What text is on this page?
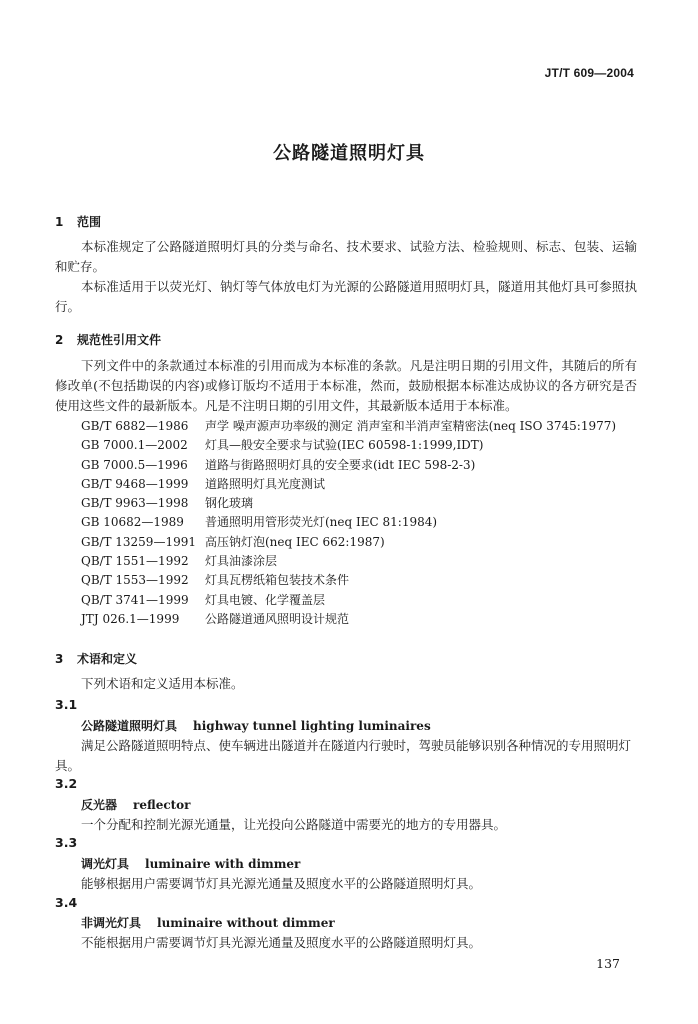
JT/T 609—2004
公路隧道照明灯具
1 范围

本标准规定了公路隧道照明灯具的分类与命名、技术要求、试验方法、检验规则、标志、包装、运输和贮存。

本标准适用于以荧光灯、钠灯等气体放电灯为光源的公路隧道用照明灯具，隧道用其他灯具可参照执行。

2 规范性引用文件

下列文件中的条款通过本标准的引用而成为本标准的条款。凡是注明日期的引用文件，其随后的所有修改单(不包括勘误的内容)或修订版均不适用于本标准，然而，鼓励根据本标准达成协议的各方研究是否使用这些文件的最新版本。凡是不注明日期的引用文件，其最新版本适用于本标准。

GB/T 6882—1986	声学 噪声源声功率级的测定 消声室和半消声室精密法(neq ISO 3745:1977)
GB 7000.1—2002	灯具—般安全要求与试验(IEC 60598-1:1999,IDT)
GB 7000.5—1996	道路与街路照明灯具的安全要求(idt IEC 598-2-3)
GB/T 9468—1999	道路照明灯具光度测试
GB/T 9963—1998	钢化玻璃
GB 10682—1989	普通照明用管形荧光灯(neq IEC 81:1984)
GB/T 13259—1991 高压钠灯泡(neq IEC 662:1987)
QB/T 1551—1992	灯具油漆涂层
QB/T 1553—1992	灯具瓦楞纸箱包装技术条件
QB/T 3741—1999	灯具电镀、化学覆盖层
JTJ 026.1—1999	公路隧道通风照明设计规范
3 术语和定义

下列术语和定义适用本标准。

3.1
公路隧道照明灯具 highway tunnel lighting luminaires

满足公路隧道照明特点、使车辆进出隧道并在隧道内行驶时，驾驶员能够识别各种情况的专用照明灯具。

3.2
反光器 reflector

一个分配和控制光源光通量，让光投向公路隧道中需要光的地方的专用器具。

3.3
调光灯具 luminaire with dimmer

能够根据用户需要调节灯具光源光通量及照度水平的公路隧道照明灯具。

3.4
非调光灯具 luminaire without dimmer

不能根据用户需要调节灯具光源光通量及照度水平的公路隧道照明灯具。

137
